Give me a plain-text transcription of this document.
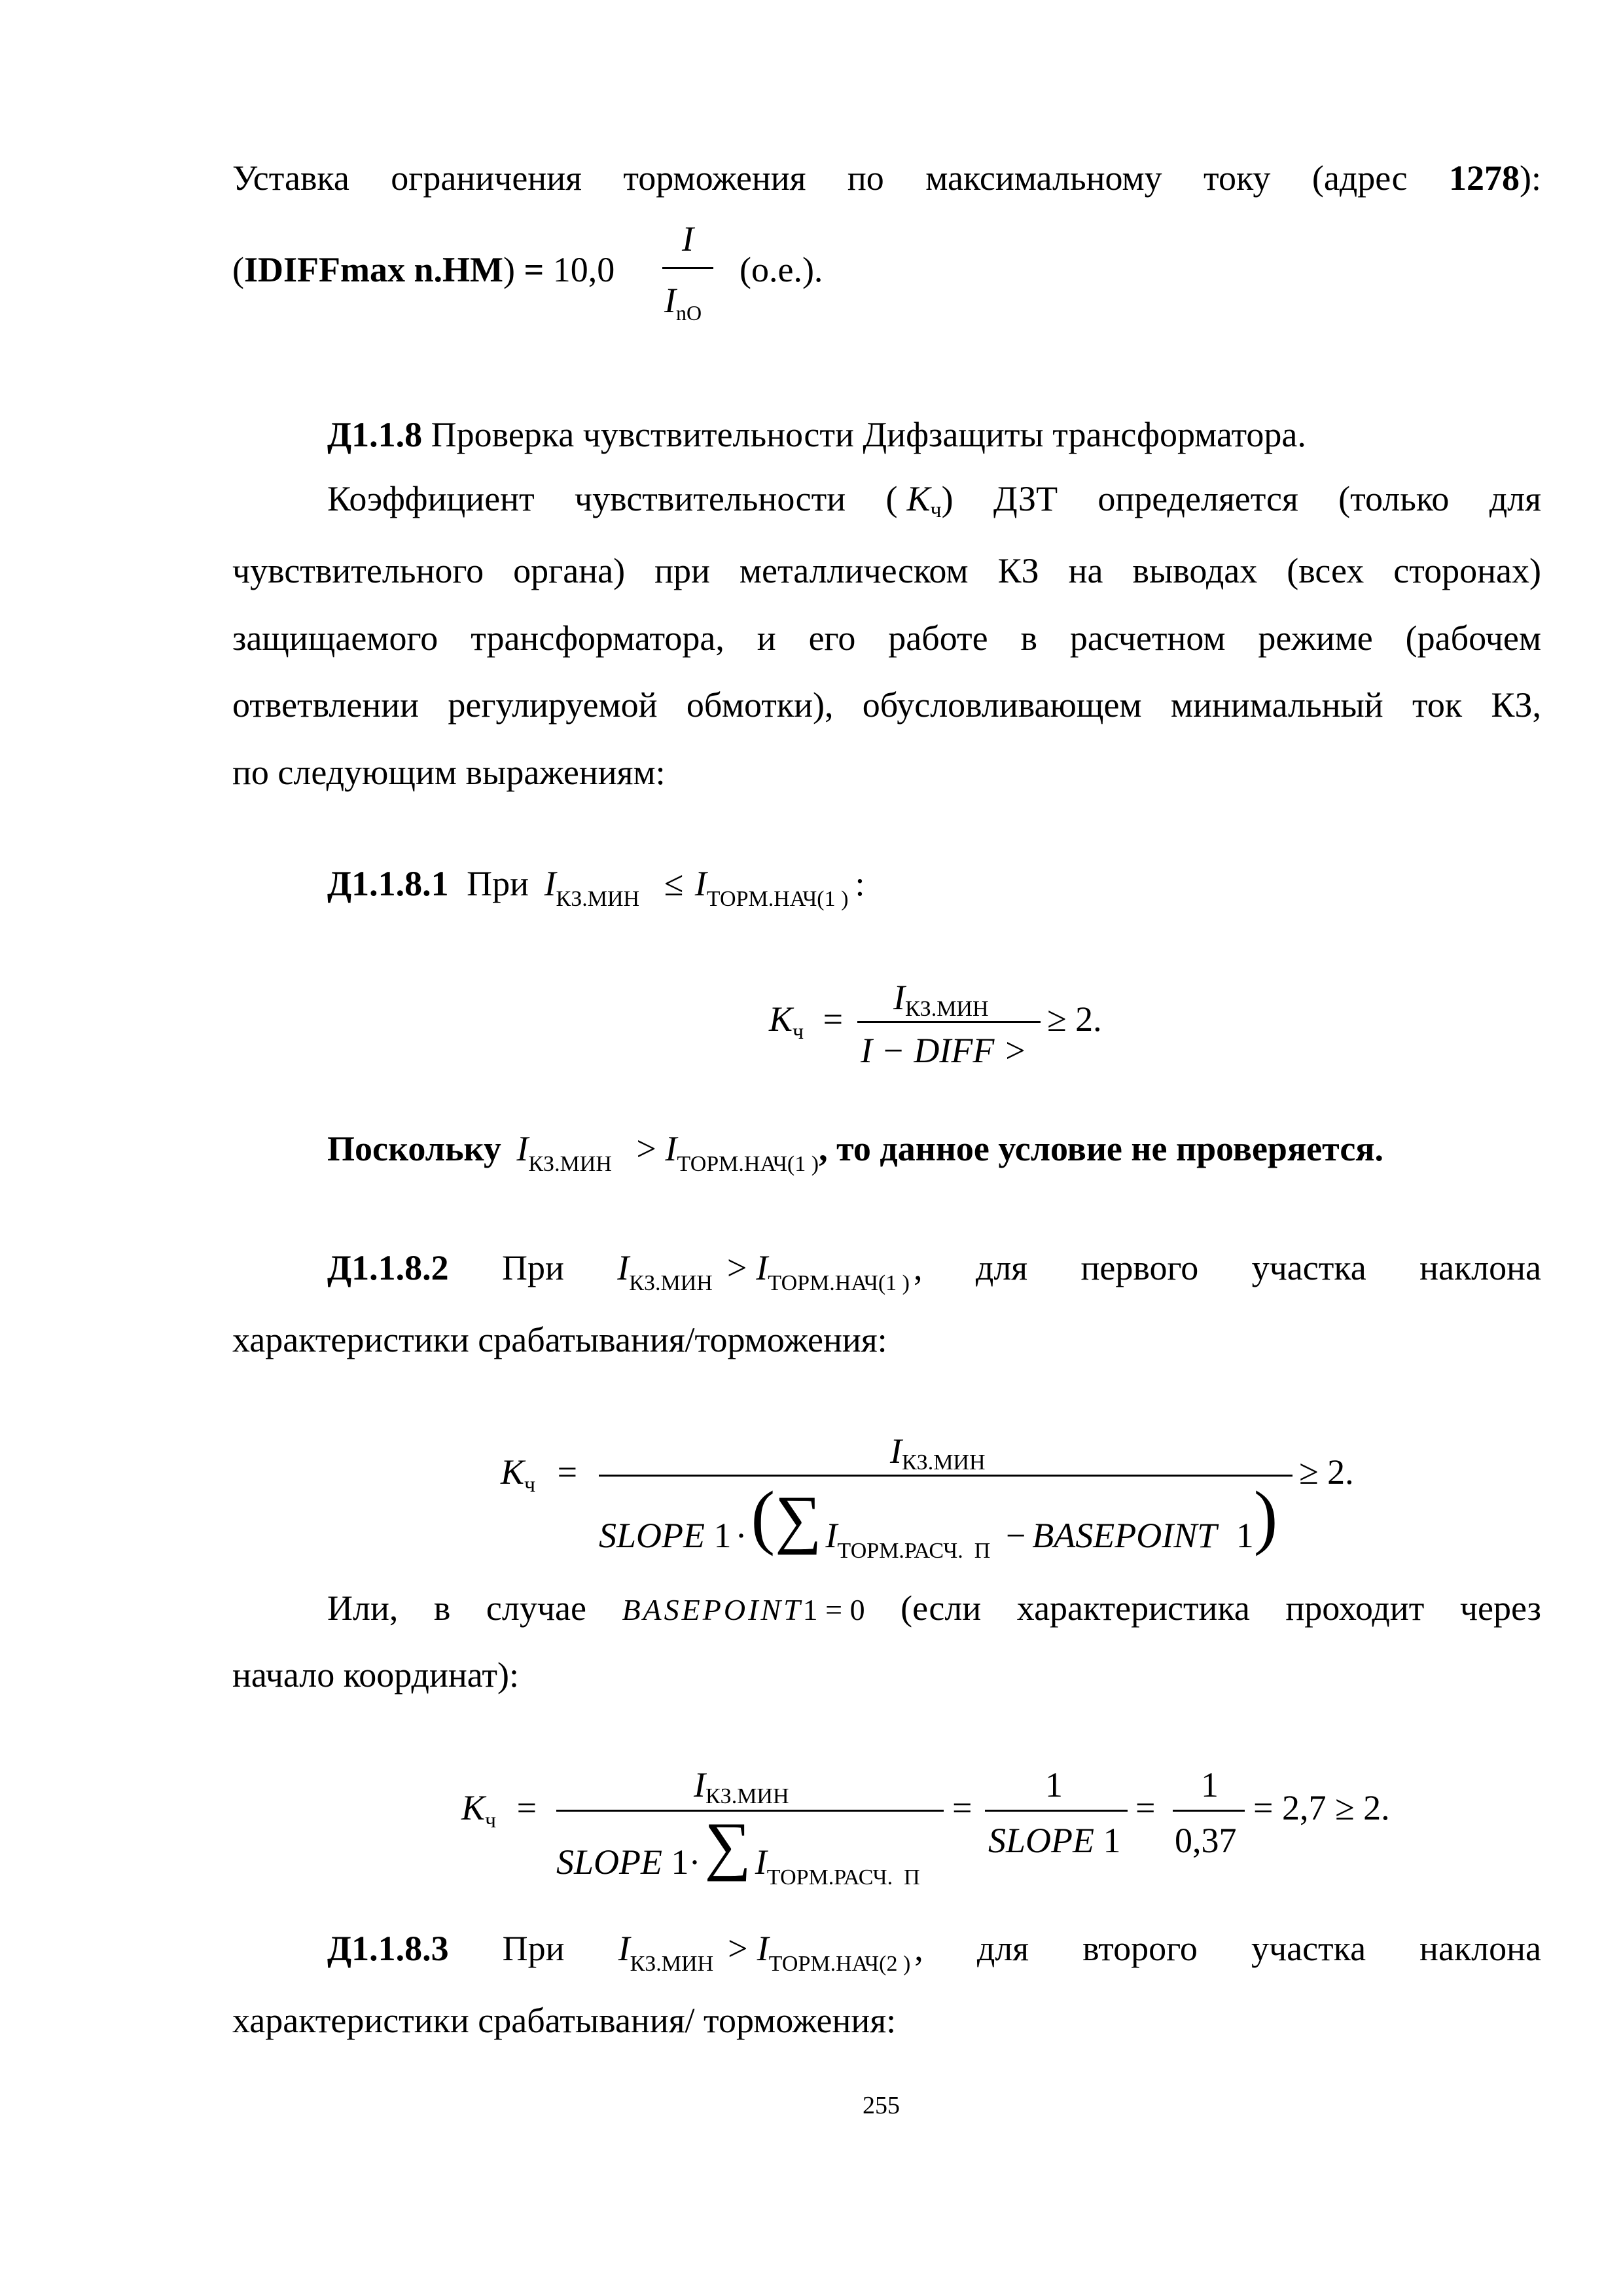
Уставка ограничения торможения по максимальному току (адрес 1278):
(IDIFFmax n.HM) = 10,0
I
$I_{nO}$
(о.е.).
Д1.1.8 Проверка чувствительности Дифзащиты трансформатора.
Коэффициент чувствительности ( Kч) ДЗТ определяется (только для
чувствительного органа) при металлическом КЗ на выводах (всех сторонах)
защищаемого трансформатора, и его работе в расчетном режиме (рабочем
ответвлении регулируемой обмотки), обусловливающем минимальный ток КЗ,
по следующим выражениям:
Д1.1.8.1 При $I_{КЗ.МИН} \le I_{ТОРМ.НАЧ(1 )}$ :
$K_ч$ =
IКЗ.МИН
I − DIFF >
≥ 2.
Поскольку $I_{КЗ.МИН} > I_{ТОРМ.НАЧ(1 )}$, то данное условие не проверяется.
Д1.1.8.2 При $I_{КЗ.МИН} > I_{ТОРМ.НАЧ(1 )}$ , для первого участка наклона
характеристики срабатывания/торможения:
$K_ч$ =
IКЗ.МИН
SLOPE 1 ·(∑ $I_{ТОРМ.РАСЧ. П}$ − BASEPOINT 1)
≥ 2.
Или, в случае BASEPOINT1 = 0 (если характеристика проходит через
начало координат):
$K_ч$ =
IКЗ.МИН
SLOPE 1·∑ $I_{ТОРМ.РАСЧ. П}$
=
1
SLOPE 1
=
1
0,37
= 2,7 ≥ 2.
Д1.1.8.3 При $I_{КЗ.МИН} > I_{ТОРМ.НАЧ(2 )}$ , для второго участка наклона
характеристики срабатывания/ торможения:
255
